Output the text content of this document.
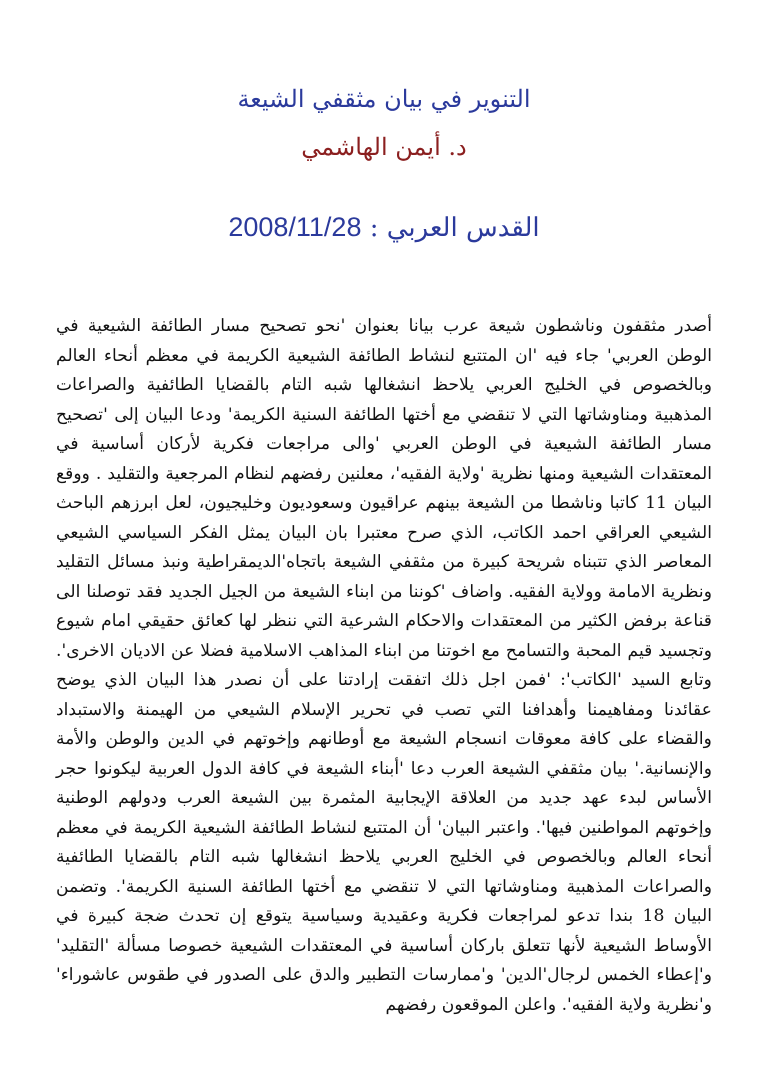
التنوير في بيان مثقفي الشيعة
د. أيمن الهاشمي
القدس العربي : 2008/11/28

أصدر مثقفون وناشطون شيعة عرب بيانا بعنوان 'نحو تصحيح مسار الطائفة الشيعية في الوطن العربي' جاء فيه 'ان المتتبع لنشاط الطائفة الشيعية الكريمة في معظم أنحاء العالم وبالخصوص في الخليج العربي يلاحظ انشغالها شبه التام بالقضايا الطائفية والصراعات المذهبية ومناوشاتها التي لا تنقضي مع أختها الطائفة السنية الكريمة' ودعا البيان إلى 'تصحيح مسار الطائفة الشيعية في الوطن العربي 'والى مراجعات فكرية لأركان أساسية في المعتقدات الشيعية ومنها نظرية 'ولاية الفقيه'، معلنين رفضهم لنظام المرجعية والتقليد . ووقع البيان 11 كاتبا وناشطا من الشيعة بينهم عراقيون وسعوديون وخليجيون، لعل ابرزهم الباحث الشيعي العراقي احمد الكاتب، الذي صرح معتبرا بان البيان يمثل الفكر السياسي الشيعي المعاصر الذي تتبناه شريحة كبيرة من مثقفي الشيعة باتجاه'الديمقراطية ونبذ مسائل التقليد ونظرية الامامة وولاية الفقيه. واضاف 'كوننا من ابناء الشيعة من الجيل الجديد فقد توصلنا الى قناعة برفض الكثير من المعتقدات والاحكام الشرعية التي ننظر لها كعائق حقيقي امام شيوع وتجسيد قيم المحبة والتسامح مع اخوتنا من ابناء المذاهب الاسلامية فضلا عن الاديان الاخرى'. وتابع السيد 'الكاتب': 'فمن اجل ذلك اتفقت إرادتنا على أن نصدر هذا البيان الذي يوضح عقائدنا ومفاهيمنا وأهدافنا التي تصب في تحرير الإسلام الشيعي من الهيمنة والاستبداد والقضاء على كافة معوقات انسجام الشيعة مع أوطانهم وإخوتهم في الدين والوطن والأمة والإنسانية.' بيان مثقفي الشيعة العرب دعا 'أبناء الشيعة في كافة الدول العربية ليكونوا حجر الأساس لبدء عهد جديد من العلاقة الإيجابية المثمرة بين الشيعة العرب ودولهم الوطنية وإخوتهم المواطنين فيها'. واعتبر البيان' أن المتتبع لنشاط الطائفة الشيعية الكريمة في معظم أنحاء العالم وبالخصوص في الخليج العربي يلاحظ انشغالها شبه التام بالقضايا الطائفية والصراعات المذهبية ومناوشاتها التي لا تنقضي مع أختها الطائفة السنية الكريمة'. وتضمن البيان 18 بندا تدعو لمراجعات فكرية وعقيدية وسياسية يتوقع إن تحدث ضجة كبيرة في الأوساط الشيعية لأنها تتعلق باركان أساسية في المعتقدات الشيعية خصوصا مسألة 'التقليد' و'إعطاء الخمس لرجال'الدين' و'ممارسات التطبير والدق على الصدور في طقوس عاشوراء' و'نظرية ولاية الفقيه'. واعلن الموقعون رفضهم
